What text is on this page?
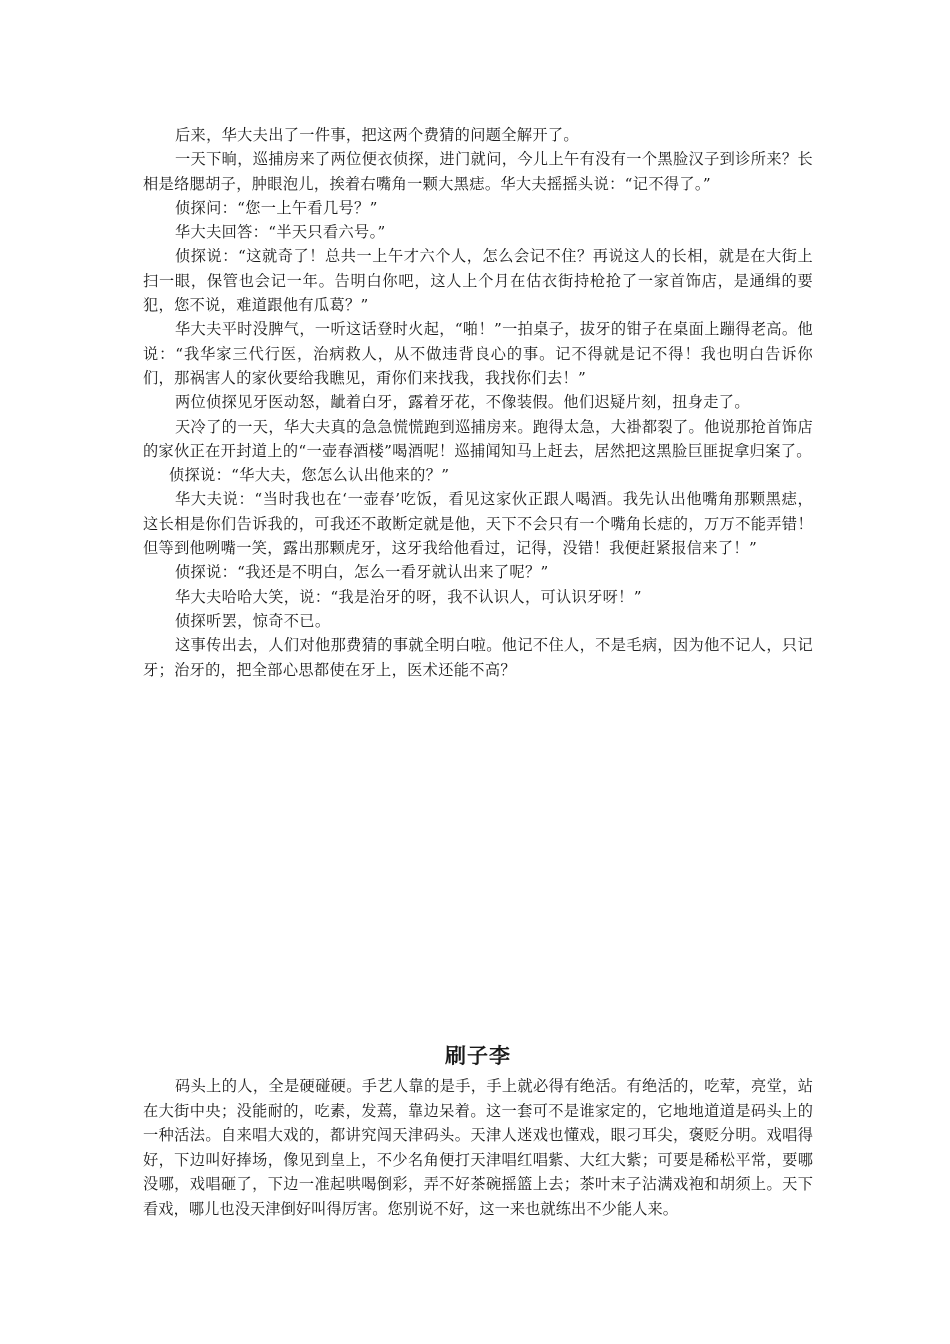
后来，华大夫出了一件事，把这两个费猜的问题全解开了。

一天下晌，巡捕房来了两位便衣侦探，进门就问，今儿上午有没有一个黑脸汉子到诊所来？长相是络腮胡子，肿眼泡儿，挨着右嘴角一颗大黑痣。华大夫摇摇头说：“记不得了。”

侦探问：“您一上午看几号？”

华大夫回答：“半天只看六号。”

侦探说：“这就奇了！总共一上午才六个人，怎么会记不住？再说这人的长相，就是在大街上扫一眼，保管也会记一年。告明白你吧，这人上个月在估衣街持枪抢了一家首饰店，是通缉的要犯，您不说，难道跟他有瓜葛？”

华大夫平时没脾气，一听这话登时火起，“啪！”一拍桌子，拔牙的钳子在桌面上蹦得老高。他说：“我华家三代行医，治病救人，从不做违背良心的事。记不得就是记不得！我也明白告诉你们，那祸害人的家伙要给我瞧见，甭你们来找我，我找你们去！”

两位侦探见牙医动怒，龇着白牙，露着牙花，不像装假。他们迟疑片刻，扭身走了。

天冷了的一天，华大夫真的急急慌慌跑到巡捕房来。跑得太急，大褂都裂了。他说那抢首饰店的家伙正在开封道上的“一壶春酒楼”喝酒呢！巡捕闻知马上赶去，居然把这黑脸巨匪捉拿归案了。

侦探说：“华大夫，您怎么认出他来的？”

华大夫说：“当时我也在‘一壶春’吃饭，看见这家伙正跟人喝酒。我先认出他嘴角那颗黑痣，这长相是你们告诉我的，可我还不敢断定就是他，天下不会只有一个嘴角长痣的，万万不能弄错！但等到他咧嘴一笑，露出那颗虎牙，这牙我给他看过，记得，没错！我便赶紧报信来了！”

侦探说：“我还是不明白，怎么一看牙就认出来了呢？”

华大夫哈哈大笑，说：“我是治牙的呀，我不认识人，可认识牙呀！”

侦探听罢，惊奇不已。

这事传出去，人们对他那费猜的事就全明白啦。他记不住人，不是毛病，因为他不记人，只记牙；治牙的，把全部心思都使在牙上，医术还能不高？

刷子李

码头上的人，全是硬碰硬。手艺人靠的是手，手上就必得有绝活。有绝活的，吃荤，亮堂，站在大街中央；没能耐的，吃素，发蔫，靠边呆着。这一套可不是谁家定的，它地地道道是码头上的一种活法。自来唱大戏的，都讲究闯天津码头。天津人迷戏也懂戏，眼刁耳尖，褒贬分明。戏唱得好，下边叫好捧场，像见到皇上，不少名角便打天津唱红唱紫、大红大紫；可要是稀松平常，要哪没哪，戏唱砸了，下边一准起哄喝倒彩，弄不好茶碗摇篮上去；茶叶末子沾满戏袍和胡须上。天下看戏，哪儿也没天津倒好叫得厉害。您别说不好，这一来也就练出不少能人来。
